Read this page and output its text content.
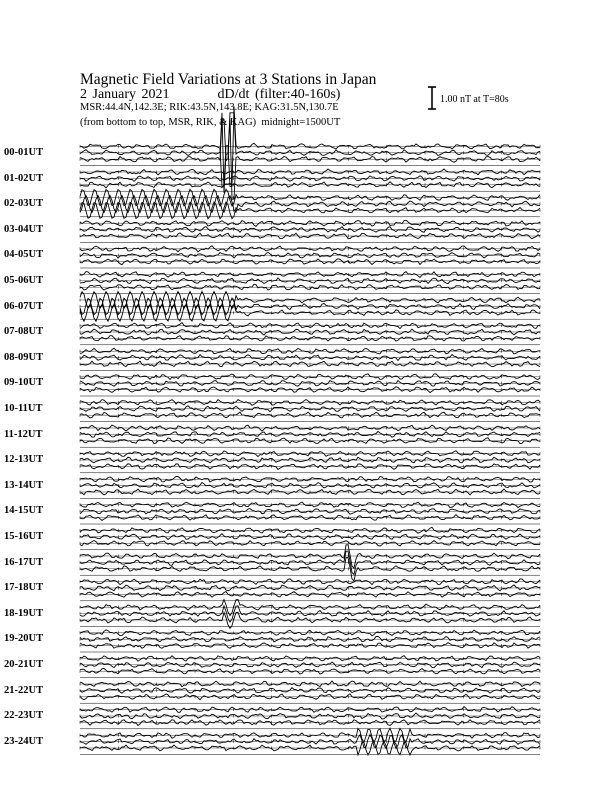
Magnetic Field Variations at 3 Stations in Japan
2 January 2021	dD/dt (filter:40-160s)
MSR:44.4N,142.3E; RIK:43.5N,143.8E; KAG:31.5N,130.7E
(from bottom to top, MSR, RIK, & KAG) midnight=1500UT
1.00 nT at T=80s
00-01UT
01-02UT
02-03UT
03-04UT
04-05UT
05-06UT
06-07UT
07-08UT
08-09UT
09-10UT
10-11UT
11-12UT
12-13UT
13-14UT
14-15UT
15-16UT
16-17UT
17-18UT
18-19UT
19-20UT
20-21UT
21-22UT
22-23UT
23-24UT
